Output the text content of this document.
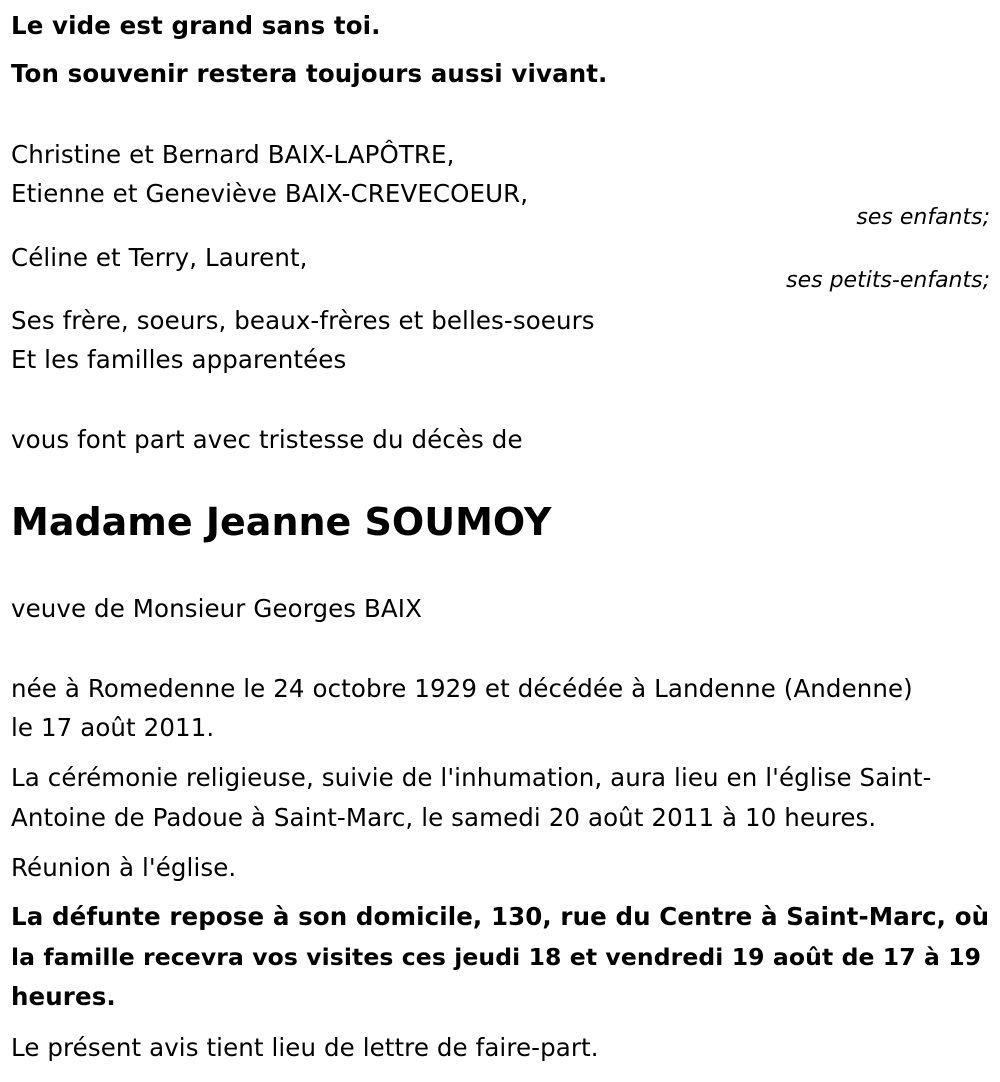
Le vide est grand sans toi.
Ton souvenir restera toujours aussi vivant.
Christine et Bernard BAIX-LAPÔTRE,
Etienne et Geneviève BAIX-CREVECOEUR,
ses enfants;
Céline et Terry, Laurent,
ses petits-enfants;
Ses frère, soeurs, beaux-frères et belles-soeurs
Et les familles apparentées
vous font part avec tristesse du décès de
Madame Jeanne SOUMOY
veuve de Monsieur Georges BAIX
née à Romedenne le 24 octobre 1929 et décédée à Landenne (Andenne)
le 17 août 2011.
La cérémonie religieuse, suivie de l'inhumation, aura lieu en l'église Saint-
Antoine de Padoue à Saint-Marc, le samedi 20 août 2011 à 10 heures.
Réunion à l'église.
La défunte repose à son domicile, 130, rue du Centre à Saint-Marc, où
la famille recevra vos visites ces jeudi 18 et vendredi 19 août de 17 à 19
heures.
Le présent avis tient lieu de lettre de faire-part.
